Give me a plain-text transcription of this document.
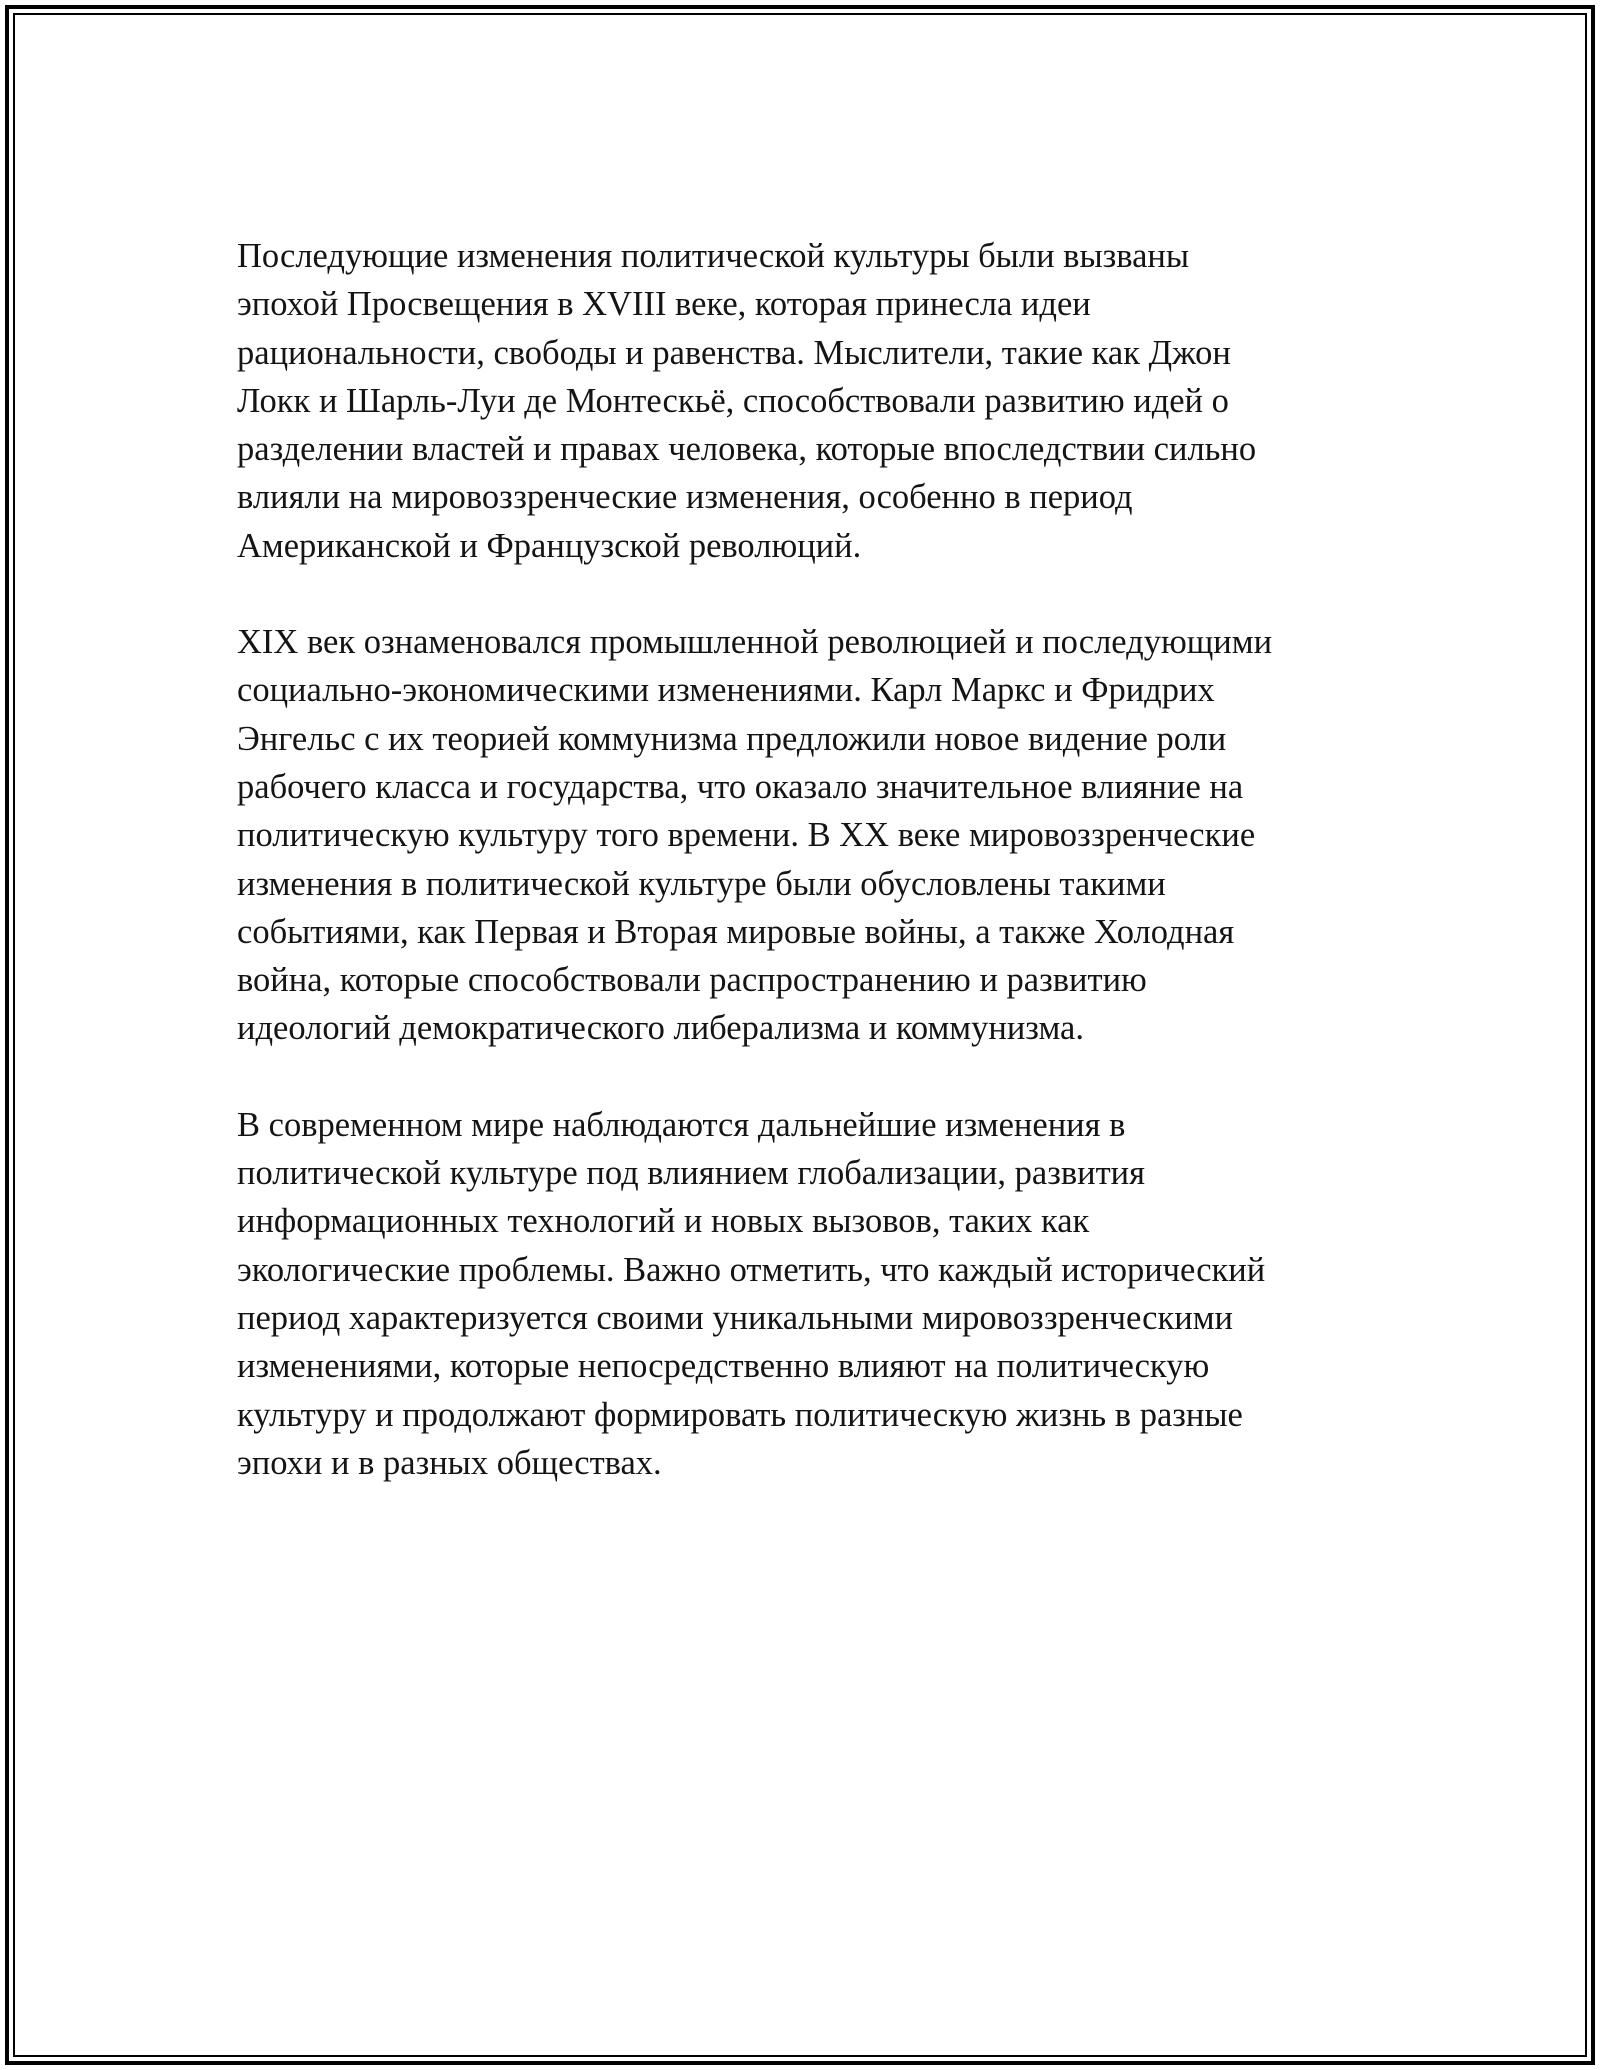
Последующие изменения политической культуры были вызваны
эпохой Просвещения в XVIII веке, которая принесла идеи
рациональности, свободы и равенства. Мыслители, такие как Джон
Локк и Шарль-Луи де Монтескьё, способствовали развитию идей о
разделении властей и правах человека, которые впоследствии сильно
влияли на мировоззренческие изменения, особенно в период
Американской и Французской революций.

XIX век ознаменовался промышленной революцией и последующими
социально-экономическими изменениями. Карл Маркс и Фридрих
Энгельс с их теорией коммунизма предложили новое видение роли
рабочего класса и государства, что оказало значительное влияние на
политическую культуру того времени. В XX веке мировоззренческие
изменения в политической культуре были обусловлены такими
событиями, как Первая и Вторая мировые войны, а также Холодная
война, которые способствовали распространению и развитию
идеологий демократического либерализма и коммунизма.

В современном мире наблюдаются дальнейшие изменения в
политической культуре под влиянием глобализации, развития
информационных технологий и новых вызовов, таких как
экологические проблемы. Важно отметить, что каждый исторический
период характеризуется своими уникальными мировоззренческими
изменениями, которые непосредственно влияют на политическую
культуру и продолжают формировать политическую жизнь в разные
эпохи и в разных обществах.
